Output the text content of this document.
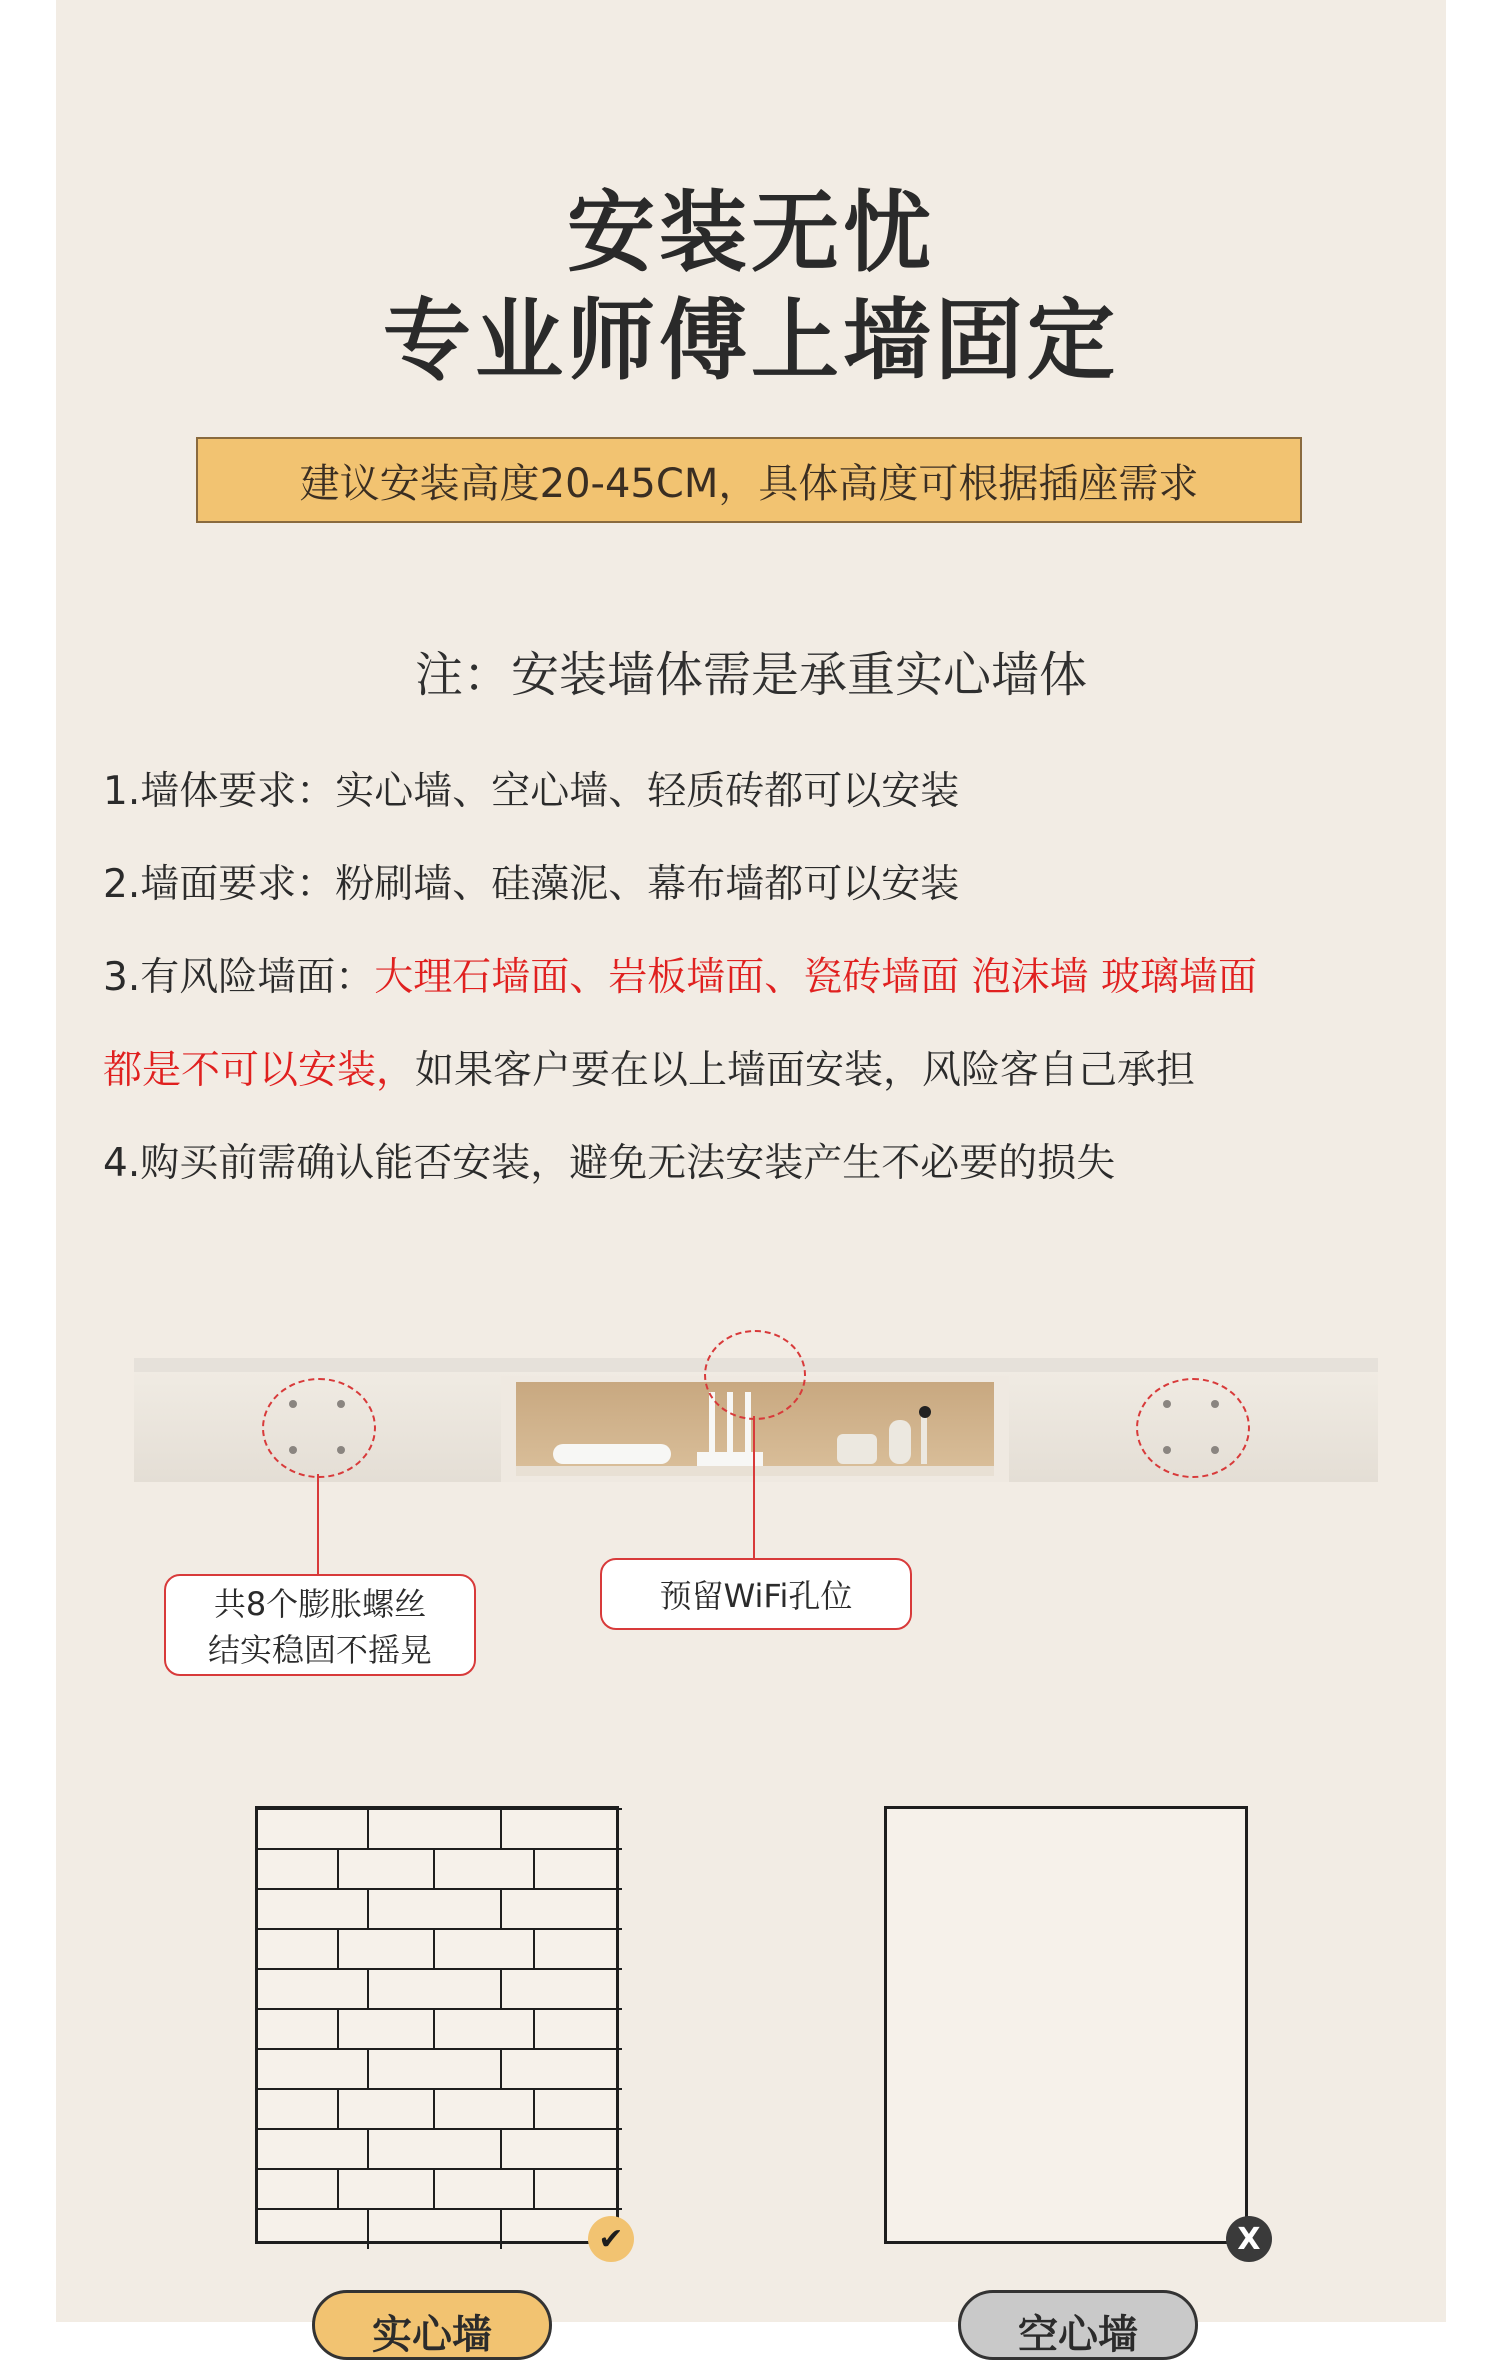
安装无忧
专业师傅上墙固定
建议安装高度20-45CM，具体高度可根据插座需求
注：安装墙体需是承重实心墙体
1.墙体要求：实心墙、空心墙、轻质砖都可以安装
2.墙面要求：粉刷墙、硅藻泥、幕布墙都可以安装
3.有风险墙面：大理石墙面、岩板墙面、瓷砖墙面 泡沫墙 玻璃墙面
都是不可以安装，如果客户要在以上墙面安装，风险客自己承担
4.购买前需确认能否安装，避免无法安装产生不必要的损失
共8个膨胀螺丝
结实稳固不摇晃
预留WiFi孔位
✔
实心墙
X
空心墙
